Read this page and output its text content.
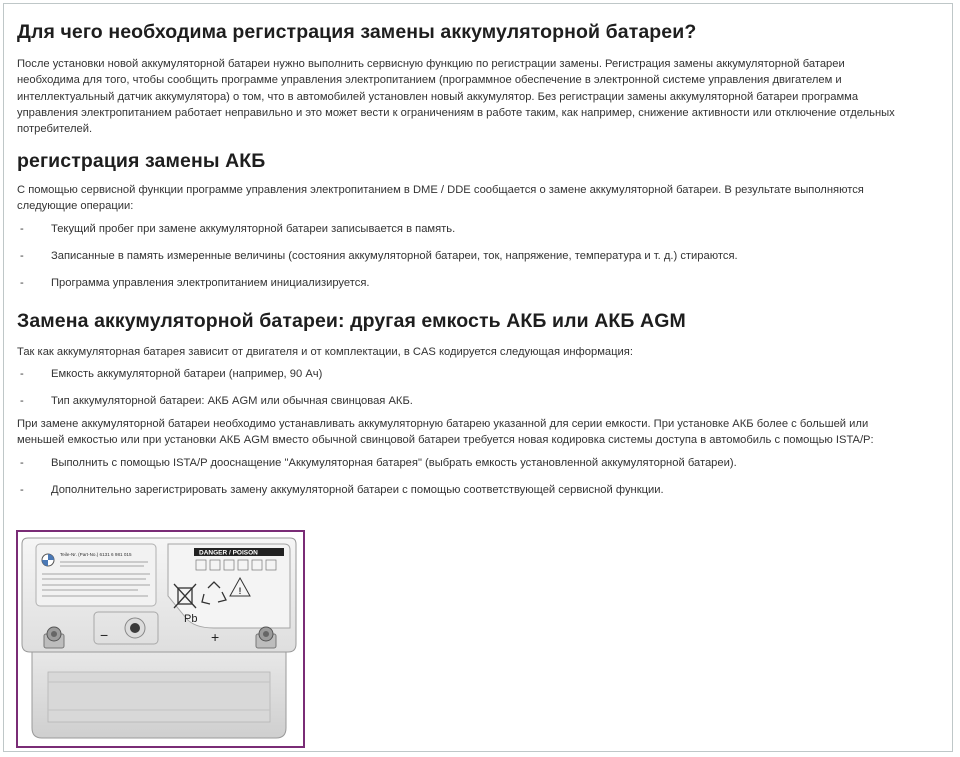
Для чего необходима регистрация замены аккумуляторной батареи?

После установки новой аккумуляторной батареи нужно выполнить сервисную функцию по регистрации замены. Регистрация замены аккумуляторной батареи
необходима для того, чтобы сообщить программе управления электропитанием (программное обеспечение в электронной системе управления двигателем и
интеллектуальный датчик аккумулятора) о том, что в автомобилей установлен новый аккумулятор. Без регистрации замены аккумуляторной батареи программа
управления электропитанием работает неправильно и это может вести к ограничениям в работе таким, как например, снижение активности или отключение отдельных
потребителей.

регистрация замены АКБ

С помощью сервисной функции программе управления электропитанием в DME / DDE сообщается о замене аккумуляторной батареи. В результате выполняются
следующие операции:

- Текущий пробег при замене аккумуляторной батареи записывается в память.
- Записанные в память измеренные величины (состояния аккумуляторной батареи, ток, напряжение, температура и т. д.) стираются.
- Программа управления электропитанием инициализируется.
Замена аккумуляторной батареи: другая емкость АКБ или АКБ AGM

Так как аккумуляторная батарея зависит от двигателя и от комплектации, в CAS кодируется следующая информация:

- Емкость аккумуляторной батареи (например, 90 Ач)
- Тип аккумуляторной батареи: АКБ AGM или обычная свинцовая АКБ.

При замене аккумуляторной батареи необходимо устанавливать аккумуляторную батарею указанной для серии емкости. При установке АКБ более с большей или
меньшей емкостью или при установки АКБ AGM вместо обычной свинцовой батареи требуется новая кодировка системы доступа в автомобиль с помощью ISTA/P:

- Выполнить с помощью ISTA/P дооснащение "Аккумуляторная батарея" (выбрать емкость установленной аккумуляторной батареи).
- Дополнительно зарегистрировать замену аккумуляторной батареи с помощью соответствующей сервисной функции.
Teile-Nr. (Part-No.) 6131 6 981 015	DANGER / POISON
!
Pb
−	+
